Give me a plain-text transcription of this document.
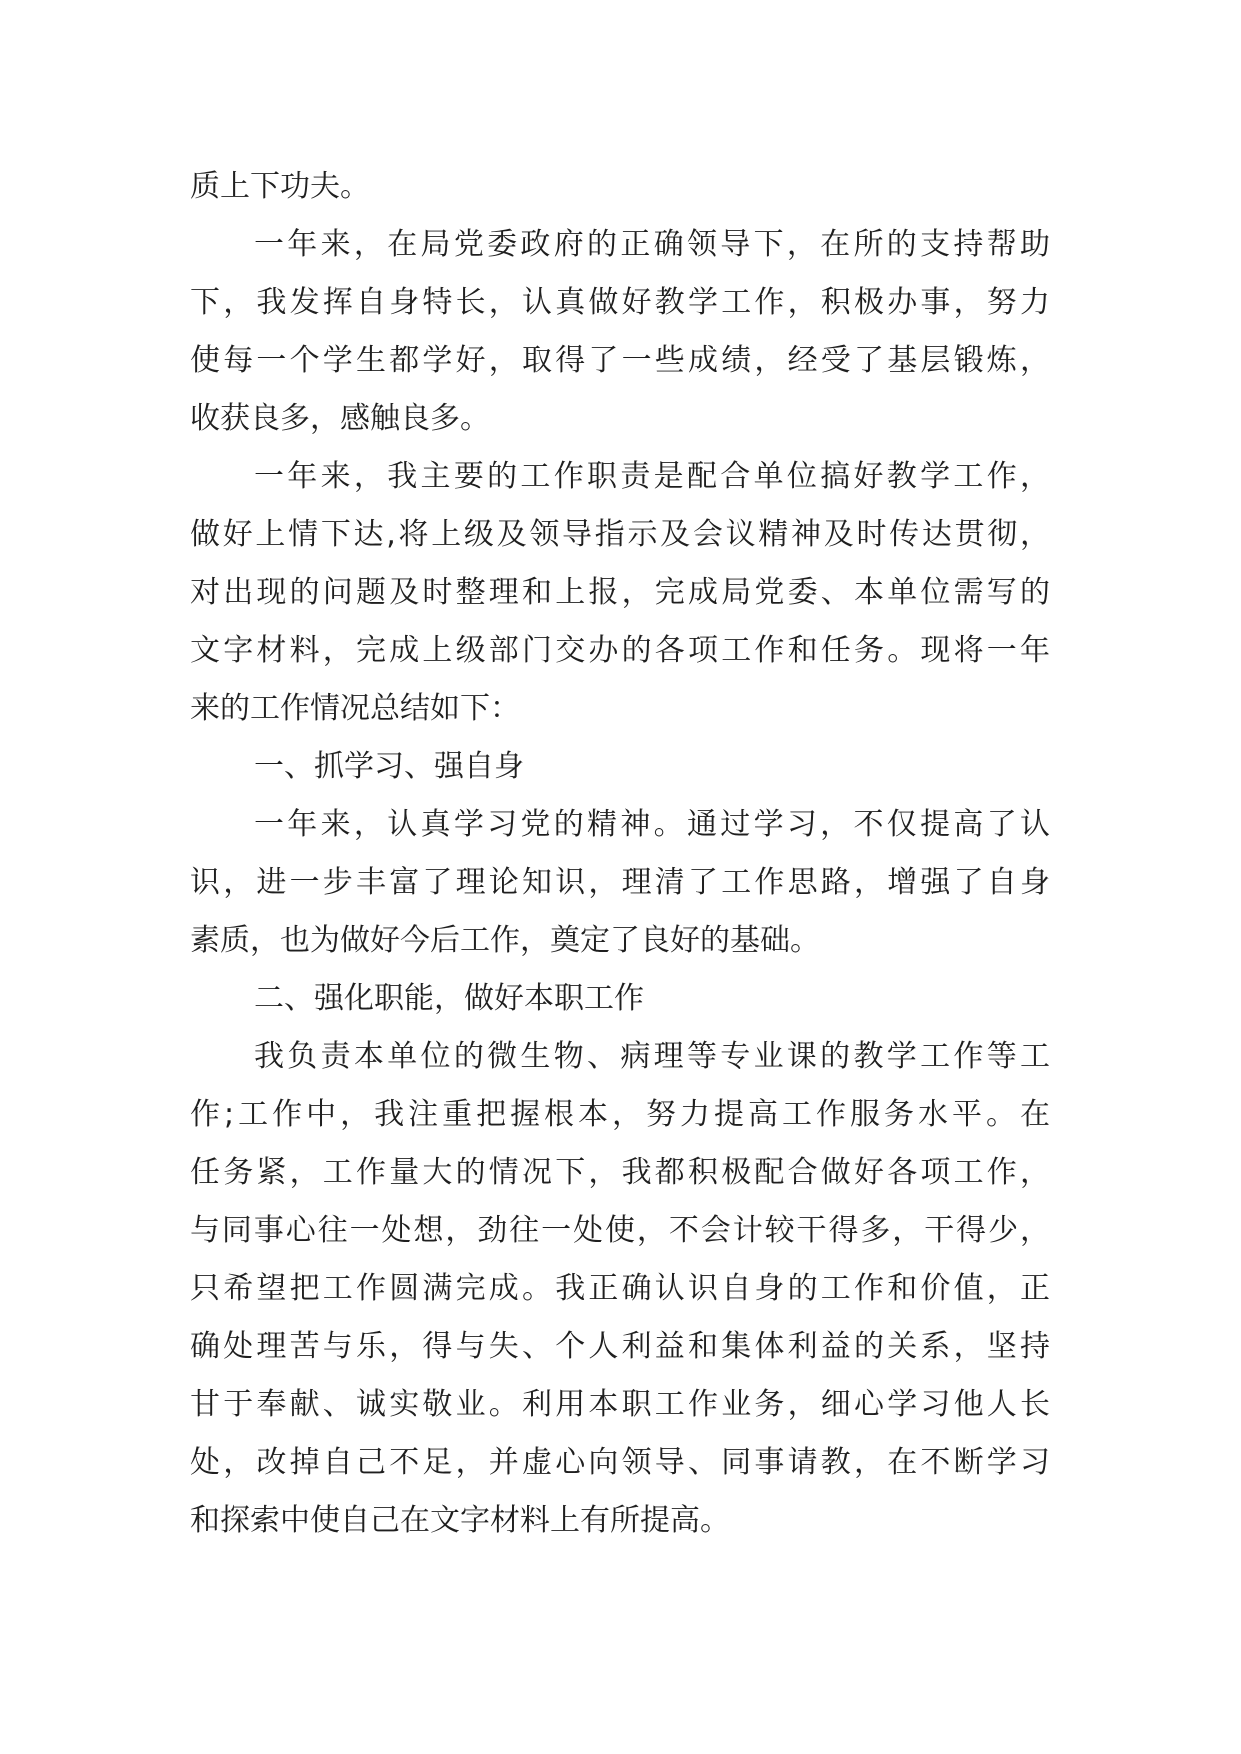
质上下功夫。
一年来，在局党委政府的正确领导下，在所的支持帮助
下，我发挥自身特长，认真做好教学工作，积极办事，努力
使每一个学生都学好，取得了一些成绩，经受了基层锻炼，
收获良多，感触良多。
一年来，我主要的工作职责是配合单位搞好教学工作，
做好上情下达,将上级及领导指示及会议精神及时传达贯彻，
对出现的问题及时整理和上报，完成局党委、本单位需写的
文字材料，完成上级部门交办的各项工作和任务。现将一年
来的工作情况总结如下：
一、抓学习、强自身
一年来，认真学习党的精神。通过学习，不仅提高了认
识，进一步丰富了理论知识，理清了工作思路，增强了自身
素质，也为做好今后工作，奠定了良好的基础。
二、强化职能，做好本职工作
我负责本单位的微生物、病理等专业课的教学工作等工
作;工作中，我注重把握根本，努力提高工作服务水平。在
任务紧，工作量大的情况下，我都积极配合做好各项工作，
与同事心往一处想，劲往一处使，不会计较干得多，干得少，
只希望把工作圆满完成。我正确认识自身的工作和价值，正
确处理苦与乐，得与失、个人利益和集体利益的关系，坚持
甘于奉献、诚实敬业。利用本职工作业务，细心学习他人长
处，改掉自己不足，并虚心向领导、同事请教，在不断学习
和探索中使自己在文字材料上有所提高。
